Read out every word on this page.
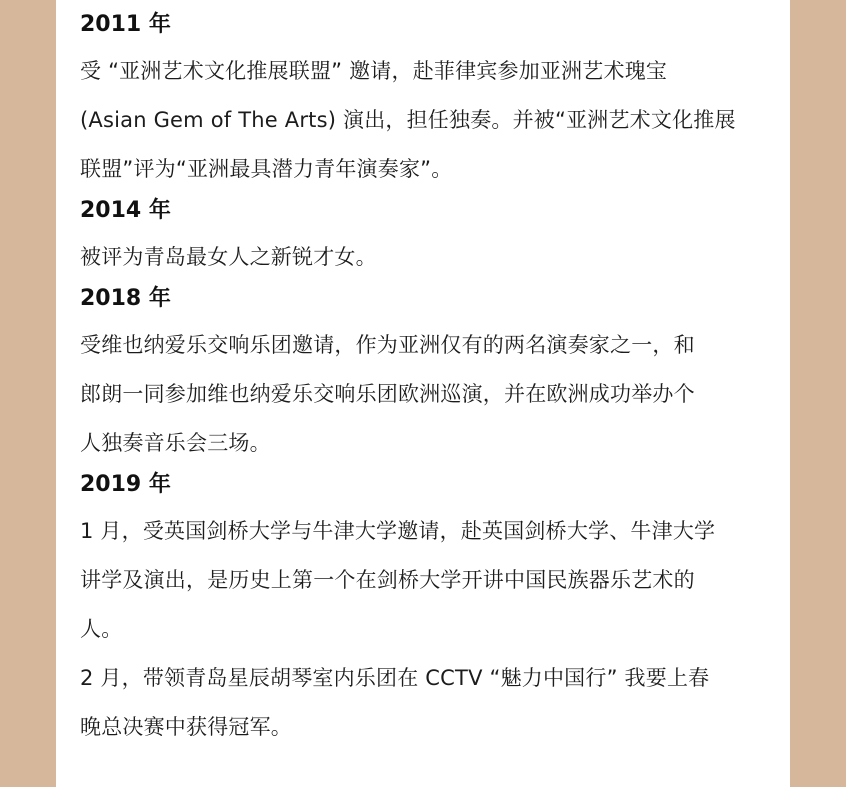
2011 年

受 “亚洲艺术文化推展联盟” 邀请，赴菲律宾参加亚洲艺术瑰宝
(Asian Gem of The Arts) 演出，担任独奏。并被“亚洲艺术文化推展
联盟”评为“亚洲最具潜力青年演奏家”。

2014 年

被评为青岛最女人之新锐才女。

2018 年

受维也纳爱乐交响乐团邀请，作为亚洲仅有的两名演奏家之一，和
郎朗一同参加维也纳爱乐交响乐团欧洲巡演，并在欧洲成功举办个
人独奏音乐会三场。

2019 年

1 月，受英国剑桥大学与牛津大学邀请，赴英国剑桥大学、牛津大学
讲学及演出，是历史上第一个在剑桥大学开讲中国民族器乐艺术的
人。

2 月，带领青岛星辰胡琴室内乐团在 CCTV “魅力中国行” 我要上春
晚总决赛中获得冠军。
